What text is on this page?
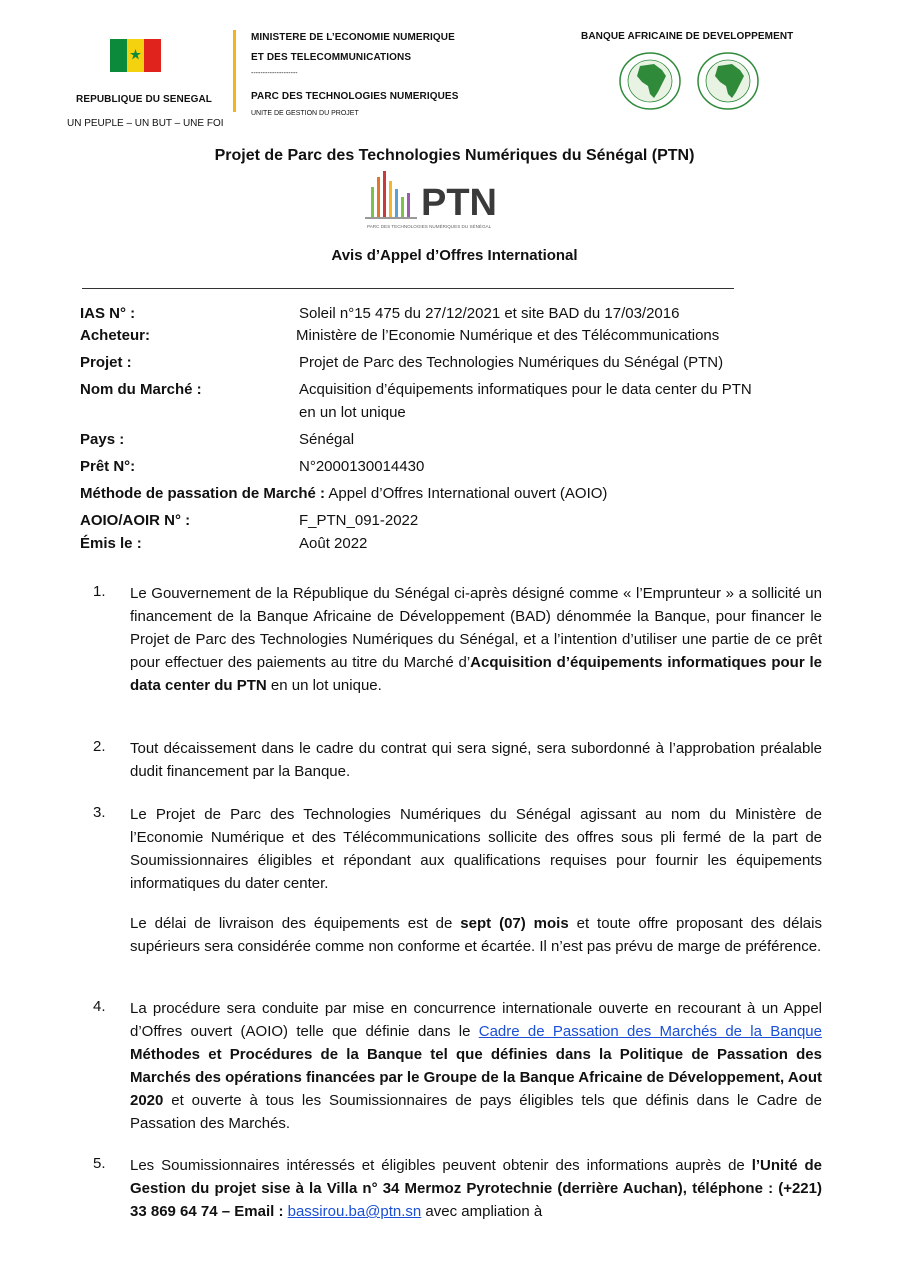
REPUBLIQUE DU SENEGAL
UN PEUPLE – UN BUT – UNE FOI
MINISTERE DE L’ECONOMIE NUMERIQUE
ET DES TELECOMMUNICATIONS
--------------------
PARC DES TECHNOLOGIES NUMERIQUES
UNITE DE GESTION DU PROJET
BANQUE AFRICAINE DE DEVELOPPEMENT
Projet de Parc des Technologies Numériques du Sénégal (PTN)
PTN
PARC DES TECHNOLOGIES NUMÉRIQUES DU SÉNÉGAL
Avis d’Appel d’Offres International
IAS N° :	Soleil n°15 475 du 27/12/2021 et site BAD du 17/03/2016
Acheteur:	Ministère de l’Economie Numérique et des Télécommunications
Projet :	Projet de Parc des Technologies Numériques du Sénégal (PTN)
Nom du Marché :	Acquisition d’équipements informatiques pour le data center du PTN
en un lot unique
Pays :	Sénégal
Prêt N°:	N°2000130014430
Méthode de passation de Marché : Appel d’Offres International ouvert (AOIO)
AOIO/AOIR N° :	F_PTN_091-2022
Émis le :	Août 2022
1. Le Gouvernement de la République du Sénégal ci-après désigné comme « l’Emprunteur » a sollicité un financement de la Banque Africaine de Développement (BAD) dénommée la Banque, pour financer le Projet de Parc des Technologies Numériques du Sénégal, et a l’intention d’utiliser une partie de ce prêt pour effectuer des paiements au titre du Marché d’Acquisition d’équipements informatiques pour le data center du PTN en un lot unique.
2. Tout décaissement dans le cadre du contrat qui sera signé, sera subordonné à l’approbation préalable dudit financement par la Banque.
3. Le Projet de Parc des Technologies Numériques du Sénégal agissant au nom du Ministère de l’Economie Numérique et des Télécommunications sollicite des offres sous pli fermé de la part de Soumissionnaires éligibles et répondant aux qualifications requises pour fournir les équipements informatiques du dater center.
Le délai de livraison des équipements est de sept (07) mois et toute offre proposant des délais supérieurs sera considérée comme non conforme et écartée. Il n’est pas prévu de marge de préférence.
4. La procédure sera conduite par mise en concurrence internationale ouverte en recourant à un Appel d’Offres ouvert (AOIO) telle que définie dans le Cadre de Passation des Marchés de la Banque Méthodes et Procédures de la Banque tel que définies dans la Politique de Passation des Marchés des opérations financées par le Groupe de la Banque Africaine de Développement, Aout 2020 et ouverte à tous les Soumissionnaires de pays éligibles tels que définis dans le Cadre de Passation des Marchés.
5. Les Soumissionnaires intéressés et éligibles peuvent obtenir des informations auprès de l’Unité de Gestion du projet sise à la Villa n° 34 Mermoz Pyrotechnie (derrière Auchan), téléphone : (+221) 33 869 64 74 – Email : bassirou.ba@ptn.sn avec ampliation à
